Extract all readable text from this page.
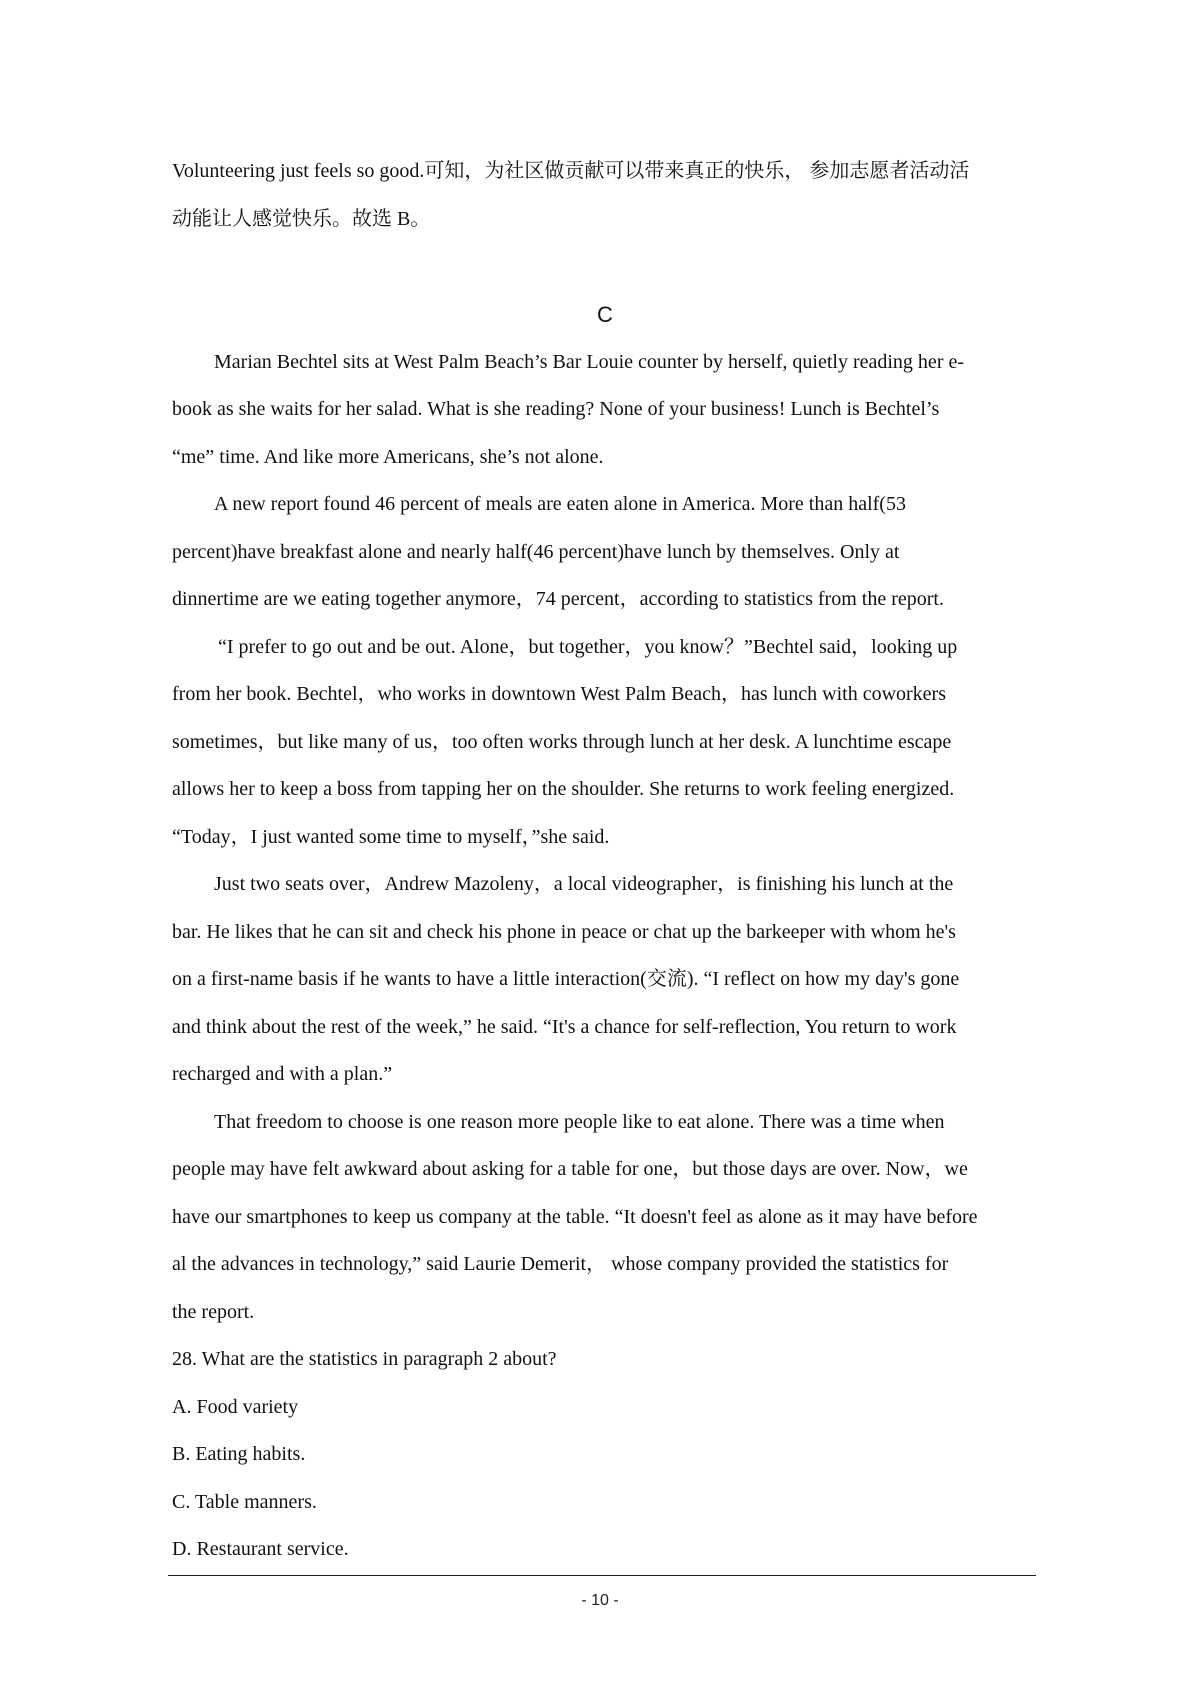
Volunteering just feels so good.可知，为社区做贡献可以带来真正的快乐， 参加志愿者活动活

动能让人感觉快乐。故选 B。

C

Marian Bechtel sits at West Palm Beach’s Bar Louie counter by herself, quietly reading her e-

book as she waits for her salad. What is she reading? None of your business! Lunch is Bechtel’s

“me” time. And like more Americans, she’s not alone.

A new report found 46 percent of meals are eaten alone in America. More than half(53

percent)have breakfast alone and nearly half(46 percent)have lunch by themselves. Only at

dinnertime are we eating together anymore，74 percent，according to statistics from the report.

“I prefer to go out and be out. Alone，but together，you know？”Bechtel said，looking up

from her book. Bechtel，who works in downtown West Palm Beach，has lunch with coworkers

sometimes，but like many of us，too often works through lunch at her desk. A lunchtime escape

allows her to keep a boss from tapping her on the shoulder. She returns to work feeling energized.

“Today，I just wanted some time to myself，”she said.

Just two seats over，Andrew Mazoleny，a local videographer，is finishing his lunch at the

bar. He likes that he can sit and check his phone in peace or chat up the barkeeper with whom he's

on a first-name basis if he wants to have a little interaction(交流). “I reflect on how my day's gone

and think about the rest of the week,” he said. “It's a chance for self-reflection, You return to work

recharged and with a plan.”

That freedom to choose is one reason more people like to eat alone. There was a time when

people may have felt awkward about asking for a table for one，but those days are over. Now，we

have our smartphones to keep us company at the table. “It doesn't feel as alone as it may have before

al the advances in technology,” said Laurie Demerit， whose company provided the statistics for

the report.

28. What are the statistics in paragraph 2 about?

A. Food variety

B. Eating habits.

C. Table manners.

D. Restaurant service.

- 10 -
